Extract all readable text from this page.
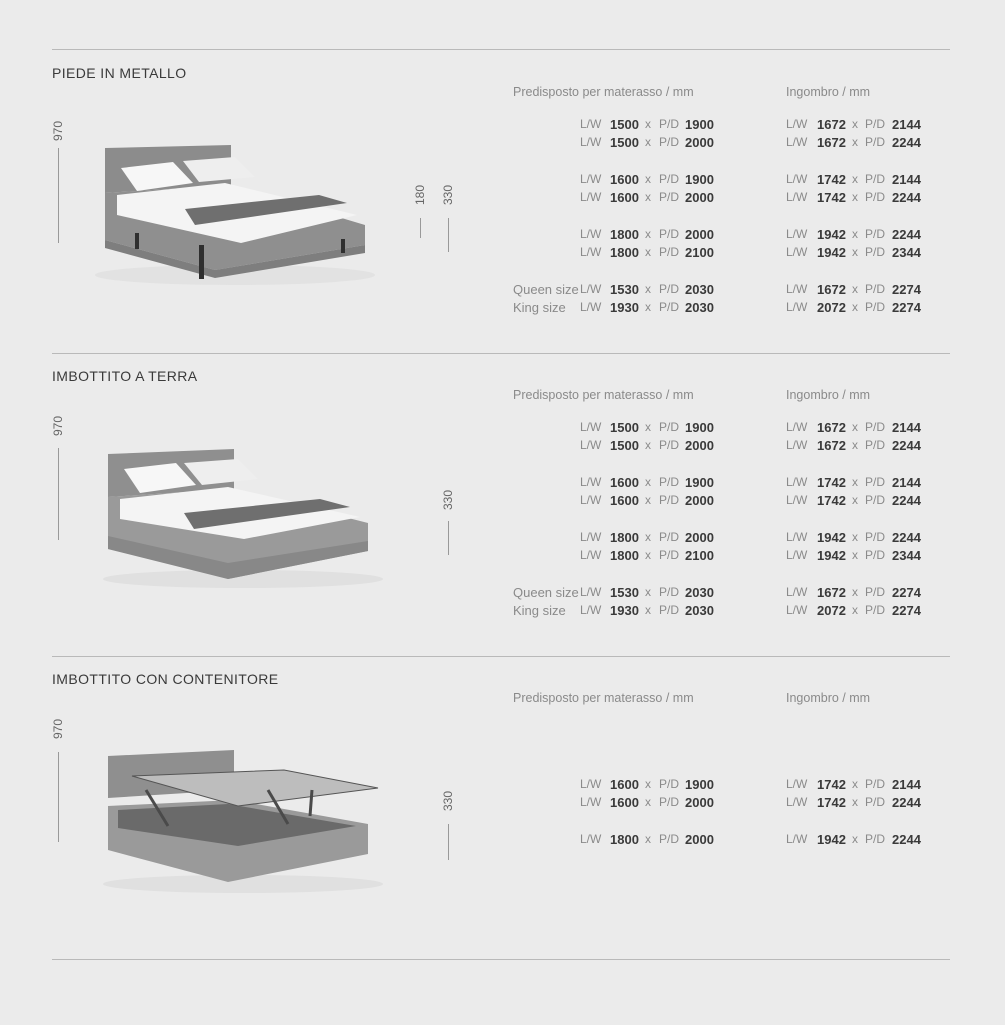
PIEDE IN METALLO
Predisposto per materasso / mm	Ingombro / mm
970
180 330
L/W 1500 x P/D 1900	L/W 1672 x P/D 2144
L/W 1500 x P/D 2000	L/W 1672 x P/D 2244
L/W 1600 x P/D 1900	L/W 1742 x P/D 2144
L/W 1600 x P/D 2000	L/W 1742 x P/D 2244
L/W 1800 x P/D 2000	L/W 1942 x P/D 2244
L/W 1800 x P/D 2100	L/W 1942 x P/D 2344
Queen size L/W 1530 x P/D 2030	L/W 1672 x P/D 2274
King size L/W 1930 x P/D 2030	L/W 2072 x P/D 2274
IMBOTTITO A TERRA
Predisposto per materasso / mm	Ingombro / mm
970
330
L/W 1500 x P/D 1900	L/W 1672 x P/D 2144
L/W 1500 x P/D 2000	L/W 1672 x P/D 2244
L/W 1600 x P/D 1900	L/W 1742 x P/D 2144
L/W 1600 x P/D 2000	L/W 1742 x P/D 2244
L/W 1800 x P/D 2000	L/W 1942 x P/D 2244
L/W 1800 x P/D 2100	L/W 1942 x P/D 2344
Queen size L/W 1530 x P/D 2030	L/W 1672 x P/D 2274
King size L/W 1930 x P/D 2030	L/W 2072 x P/D 2274
IMBOTTITO CON CONTENITORE
Predisposto per materasso / mm	Ingombro / mm
970
330
L/W 1600 x P/D 1900	L/W 1742 x P/D 2144
L/W 1600 x P/D 2000	L/W 1742 x P/D 2244
L/W 1800 x P/D 2000	L/W 1942 x P/D 2244
